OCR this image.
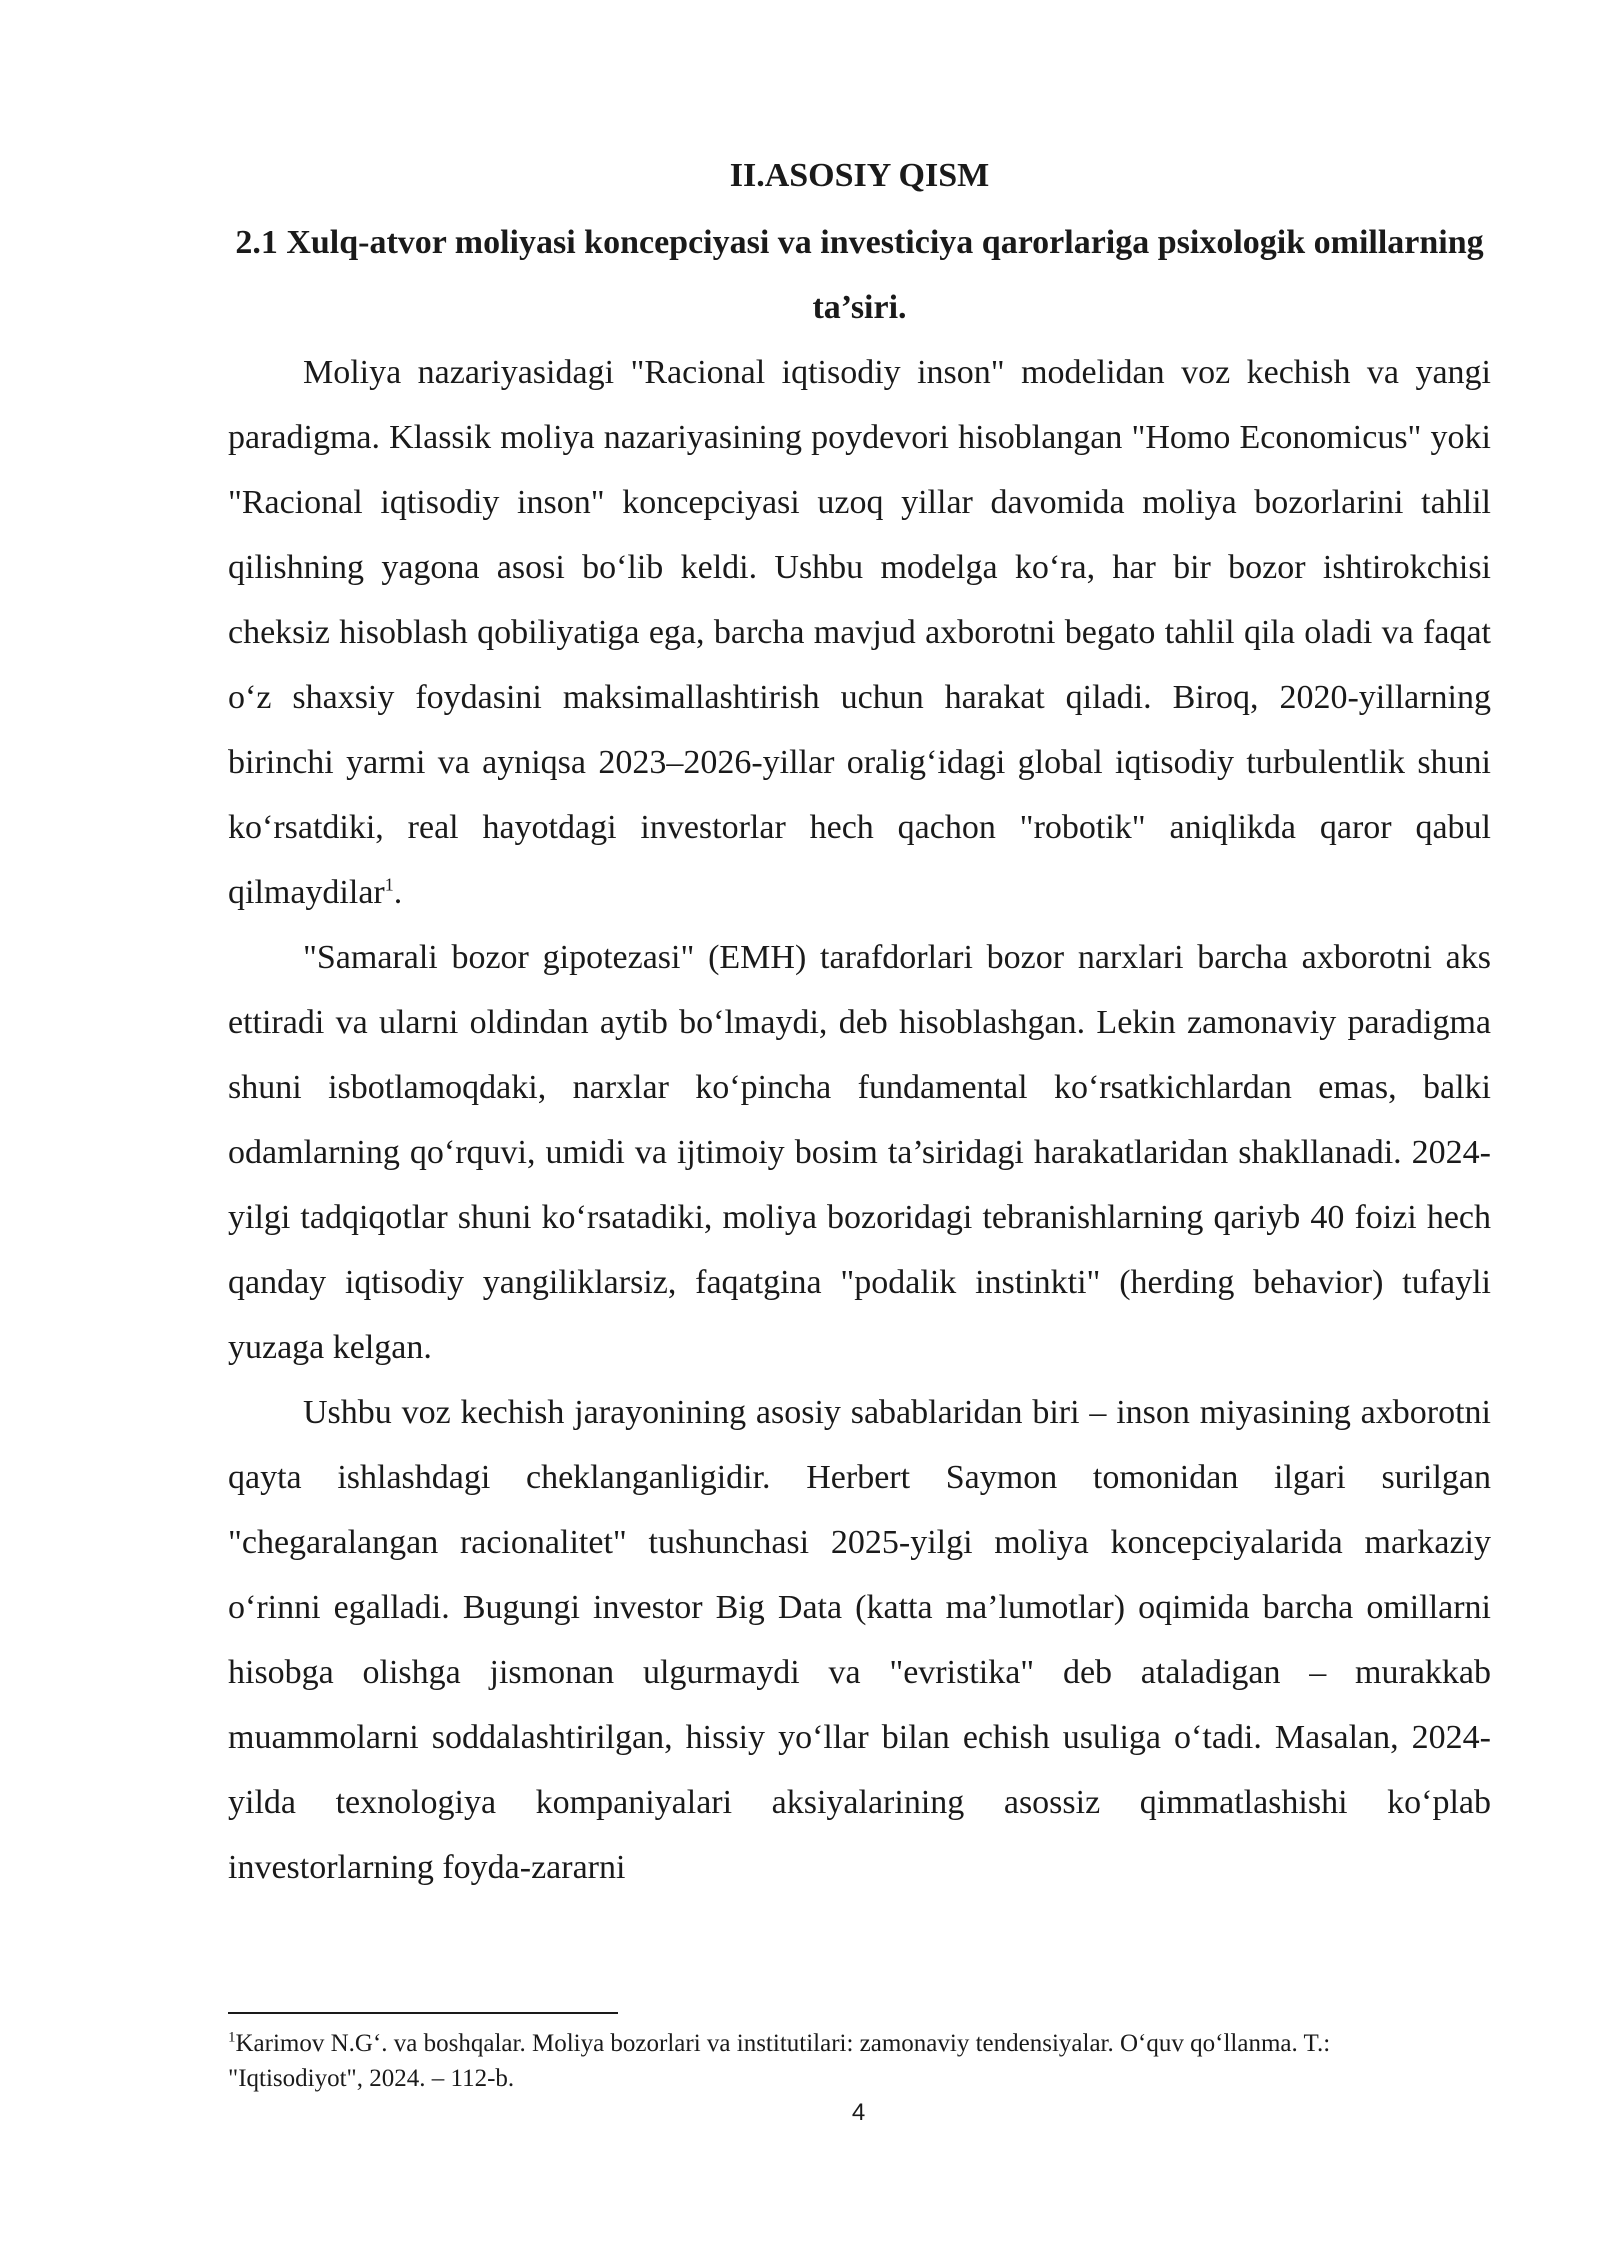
II.ASOSIY QISM
2.1 Xulq-atvor moliyasi koncepciyasi va investiciya qarorlariga psixologik omillarning ta’siri.

Moliya nazariyasidagi "Racional iqtisodiy inson" modelidan voz kechish va yangi paradigma. Klassik moliya nazariyasining poydevori hisoblangan "Homo Economicus" yoki "Racional iqtisodiy inson" koncepciyasi uzoq yillar davomida moliya bozorlarini tahlil qilishning yagona asosi bo‘lib keldi. Ushbu modelga ko‘ra, har bir bozor ishtirokchisi cheksiz hisoblash qobiliyatiga ega, barcha mavjud axborotni begato tahlil qila oladi va faqat o‘z shaxsiy foydasini maksimallashtirish uchun harakat qiladi. Biroq, 2020-yillarning birinchi yarmi va ayniqsa 2023–2026-yillar oralig‘idagi global iqtisodiy turbulentlik shuni ko‘rsatdiki, real hayotdagi investorlar hech qachon "robotik" aniqlikda qaror qabul qilmaydilar$^1$.

"Samarali bozor gipotezasi" (EMH) tarafdorlari bozor narxlari barcha axborotni aks ettiradi va ularni oldindan aytib bo‘lmaydi, deb hisoblashgan. Lekin zamonaviy paradigma shuni isbotlamoqdaki, narxlar ko‘pincha fundamental ko‘rsatkichlardan emas, balki odamlarning qo‘rquvi, umidi va ijtimoiy bosim ta’siridagi harakatlaridan shakllanadi. 2024-yilgi tadqiqotlar shuni ko‘rsatadiki, moliya bozoridagi tebranishlarning qariyb 40 foizi hech qanday iqtisodiy yangiliklarsiz, faqatgina "podalik instinkti" (herding behavior) tufayli yuzaga kelgan.

Ushbu voz kechish jarayonining asosiy sabablaridan biri – inson miyasining axborotni qayta ishlashdagi cheklanganligidir. Herbert Saymon tomonidan ilgari surilgan "chegaralangan racionalitet" tushunchasi 2025-yilgi moliya koncepciyalarida markaziy o‘rinni egalladi. Bugungi investor Big Data (katta ma’lumotlar) oqimida barcha omillarni hisobga olishga jismonan ulgurmaydi va "evristika" deb ataladigan – murakkab muammolarni soddalashtirilgan, hissiy yo‘llar bilan echish usuliga o‘tadi. Masalan, 2024-yilda texnologiya kompaniyalari aksiyalarining asossiz qimmatlashishi ko‘plab investorlarning foyda-zararni

$^1$Karimov N.G‘. va boshqalar. Moliya bozorlari va institutilari: zamonaviy tendensiyalar. O‘quv qo‘llanma. T.: "Iqtisodiyot", 2024. – 112-b.
4
